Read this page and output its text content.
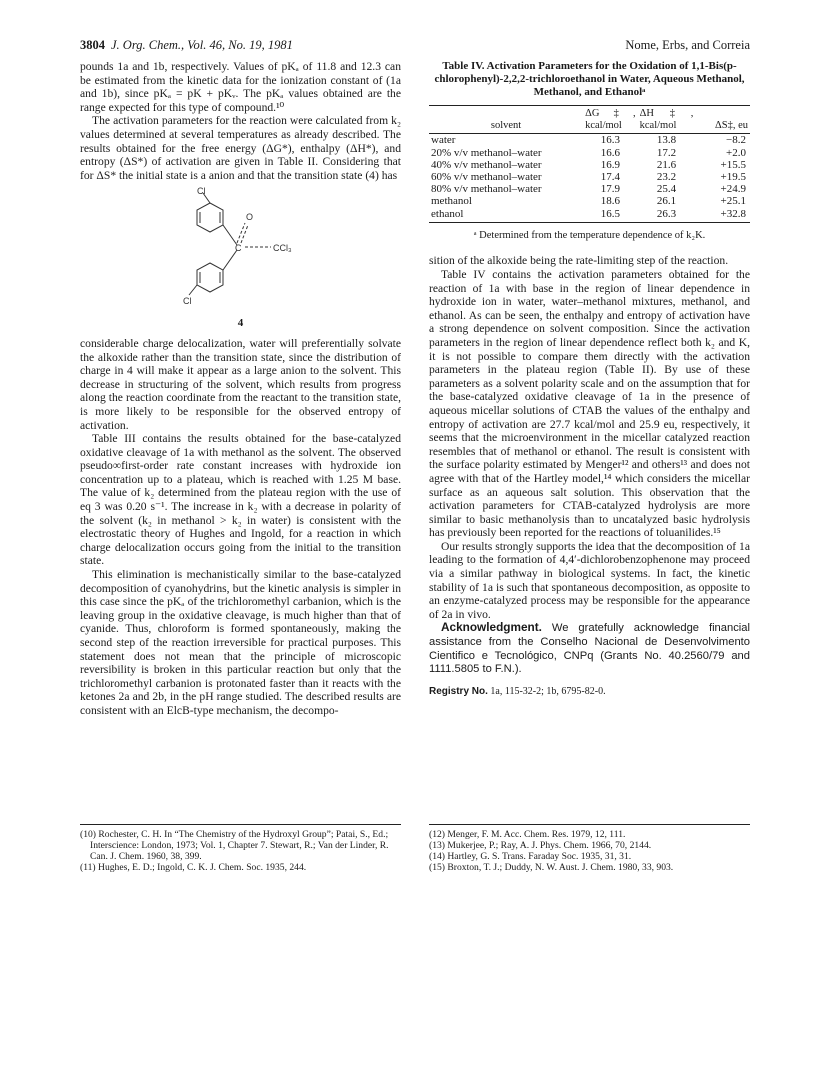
3804 J. Org. Chem., Vol. 46, No. 19, 1981	Nome, Erbs, and Correia

pounds 1a and 1b, respectively. Values of pKₐ of 11.8 and 12.3 can be estimated from the kinetic data for the ionization constant of (1a and 1b), since pKₐ = pK + pKᵥ. The pKₐ values obtained are the range expected for this type of compound.¹⁰

The activation parameters for the reaction were calculated from k₂ values determined at several temperatures as already described. The results obtained for the free energy (ΔG*), enthalpy (ΔH*), and entropy (ΔS*) of activation are given in Table II. Considering that for ΔS* the initial state is a anion and that the transition state (4) has

Cl
O
C	CCl₃
Cl
4

considerable charge delocalization, water will preferentially solvate the alkoxide rather than the transition state, since the distribution of charge in 4 will make it appear as a large anion to the solvent. This decrease in structuring of the solvent, which results from progress along the reaction coordinate from the reactant to the transition state, is more likely to be responsible for the observed entropy of activation.

Table III contains the results obtained for the base-catalyzed oxidative cleavage of 1a with methanol as the solvent. The observed pseudo∞first-order rate constant increases with hydroxide ion concentration up to a plateau, which is reached with 1.25 M base. The value of k₂ determined from the plateau region with the use of eq 3 was 0.20 s⁻¹. The increase in k₂ with a decrease in polarity of the solvent (k₂ in methanol > k₂ in water) is consistent with the electrostatic theory of Hughes and Ingold, for a reaction in which charge delocalization occurs going from the initial to the transition state.

This elimination is mechanistically similar to the base-catalyzed decomposition of cyanohydrins, but the kinetic analysis is simpler in this case since the pKₐ of the trichloromethyl carbanion, which is the leaving group in the oxidative cleavage, is much higher than that of cyanide. Thus, chloroform is formed spontaneously, making the second step of the reaction irreversible for practical purposes. This statement does not mean that the principle of microscopic reversibility is broken in this particular reaction but only that the trichloromethyl carbanion is protonated faster than it reacts with the ketones 2a and 2b, in the pH range studied. The described results are consistent with an ElcB-type mechanism, the decompo-

Table IV. Activation Parameters for the Oxidation of 1,1-Bis(p-chlorophenyl)-2,2,2-trichloroethanol in Water, Aqueous Methanol, Methanol, and Ethanolᵃ
solvent	ΔG‡, kcal/mol	ΔH‡, kcal/mol	ΔS‡, eu
water	16.3	13.8	−8.2
20% v/v methanol–water	16.6	17.2	+2.0
40% v/v methanol–water	16.9	21.6	+15.5
60% v/v methanol–water	17.4	23.2	+19.5
80% v/v methanol–water	17.9	25.4	+24.9
methanol	18.6	26.1	+25.1
ethanol	16.5	26.3	+32.8
ᵃ Determined from the temperature dependence of k₂K.

sition of the alkoxide being the rate-limiting step of the reaction.

Table IV contains the activation parameters obtained for the reaction of 1a with base in the region of linear dependence in hydroxide ion in water, water–methanol mixtures, methanol, and ethanol. As can be seen, the enthalpy and entropy of activation have a strong dependence on solvent composition. Since the activation parameters in the region of linear dependence reflect both k₂ and K, it is not possible to compare them directly with the activation parameters in the plateau region (Table II). By use of these parameters as a solvent polarity scale and on the assumption that for the base-catalyzed oxidative cleavage of 1a in the presence of aqueous micellar solutions of CTAB the values of the enthalpy and entropy of activation are 27.7 kcal/mol and 25.9 eu, respectively, it seems that the microenvironment in the micellar catalyzed reaction resembles that of methanol or ethanol. The result is consistent with the surface polarity estimated by Menger¹² and others¹³ and does not agree with that of the Hartley model,¹⁴ which considers the micellar surface as an aqueous salt solution. This observation that the activation parameters for CTAB-catalyzed hydrolysis are more similar to basic methanolysis than to uncatalyzed basic hydrolysis has previously been reported for the reactions of toluanilides.¹⁵

Our results strongly supports the idea that the decomposition of 1a leading to the formation of 4,4′-dichlorobenzophenone may proceed via a similar pathway in biological systems. In fact, the kinetic stability of 1a is such that spontaneous decomposition, as opposite to an enzyme-catalyzed process may be responsible for the appearance of 2a in vivo.

Acknowledgment. We gratefully acknowledge financial assistance from the Conselho Nacional de Desenvolvimento Cientifico e Tecnológico, CNPq (Grants No. 40.2560/79 and 1111.5805 to F.N.).

Registry No. 1a, 115-32-2; 1b, 6795-82-0.
(10) Rochester, C. H. In “The Chemistry of the Hydroxyl Group”; Patai, S., Ed.; Interscience: London, 1973; Vol. 1, Chapter 7. Stewart, R.; Van der Linder, R. Can. J. Chem. 1960, 38, 399.
(11) Hughes, E. D.; Ingold, C. K. J. Chem. Soc. 1935, 244.
(12) Menger, F. M. Acc. Chem. Res. 1979, 12, 111.
(13) Mukerjee, P.; Ray, A. J. Phys. Chem. 1966, 70, 2144.
(14) Hartley, G. S. Trans. Faraday Soc. 1935, 31, 31.
(15) Broxton, T. J.; Duddy, N. W. Aust. J. Chem. 1980, 33, 903.
